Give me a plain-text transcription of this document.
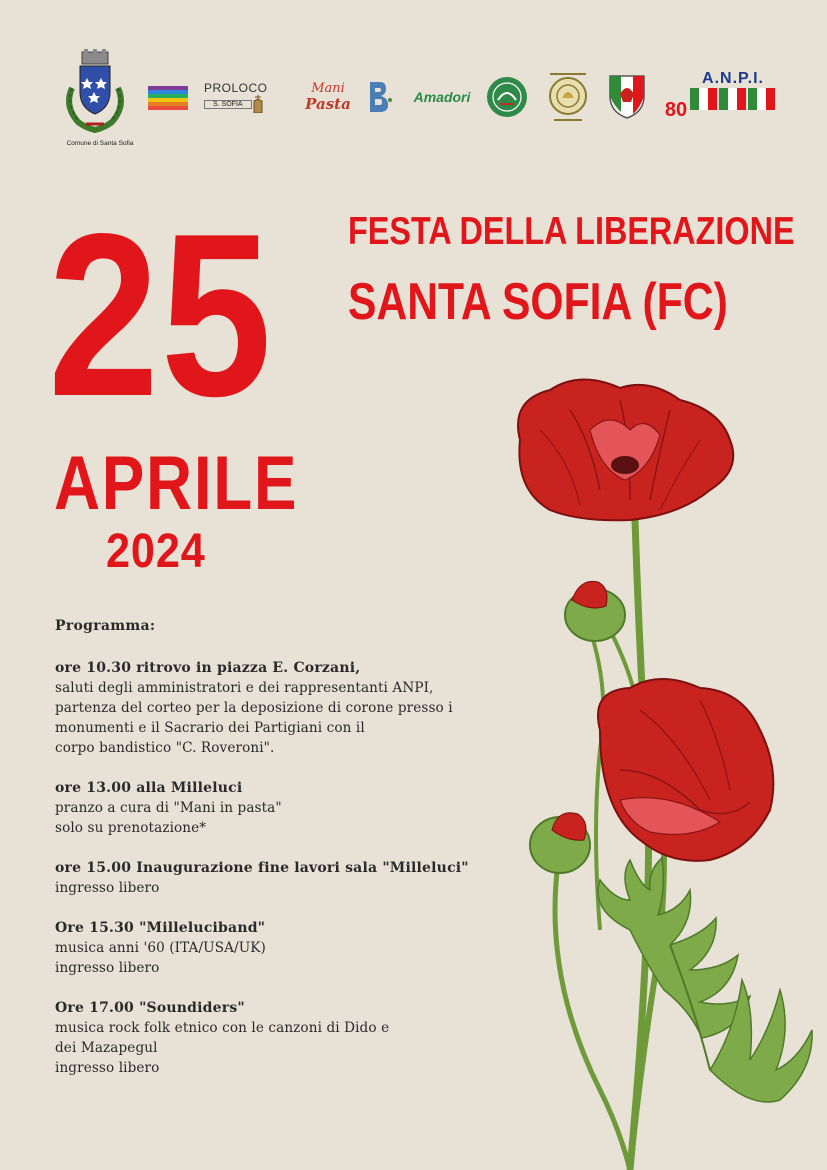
Comune di Santa Sofia
PROLOCO
S. SOFIA
Mani
Pasta	Amadori
80
A.N.P.I.
25 FESTA DELLA LIBERAZIONE
SANTA SOFIA (FC)
APRILE
2024
Programma:
ore 10.30 ritrovo in piazza E. Corzani,
saluti degli amministratori e dei rappresentanti ANPI,
partenza del corteo per la deposizione di corone presso i
monumenti e il Sacrario dei Partigiani con il
corpo bandistico "C. Roveroni".
ore 13.00 alla Milleluci
pranzo a cura di "Mani in pasta"
solo su prenotazione*
ore 15.00 Inaugurazione fine lavori sala "Milleluci"
ingresso libero
Ore 15.30 "Milleluciband"
musica anni '60 (ITA/USA/UK)
ingresso libero
Ore 17.00 "Soundiders"
musica rock folk etnico con le canzoni di Dido e
dei Mazapegul
ingresso libero
